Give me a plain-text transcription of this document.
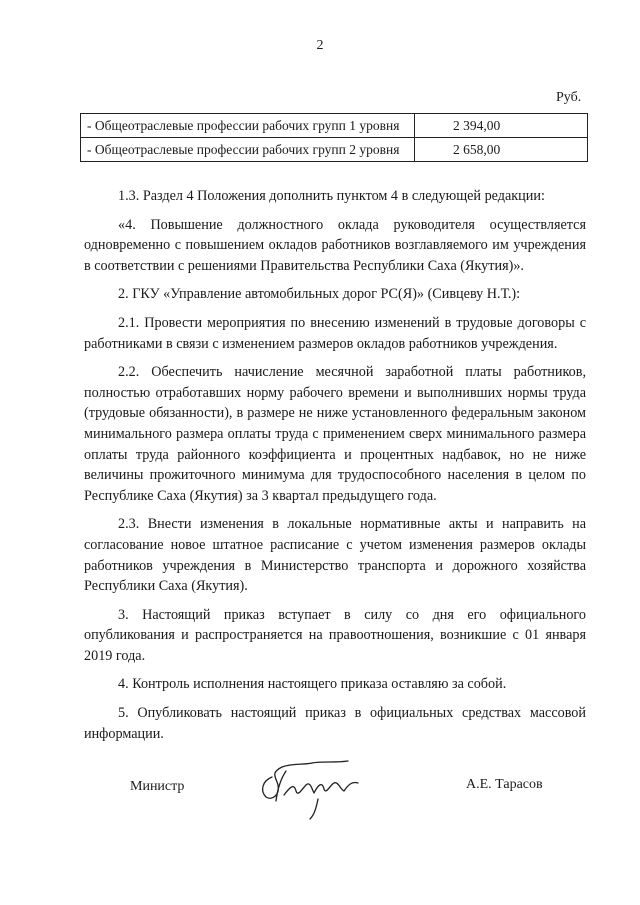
2
Руб.
- Общеотраслевые профессии рабочих групп 1 уровня	2 394,00
- Общеотраслевые профессии рабочих групп 2 уровня	2 658,00

1.3. Раздел 4 Положения дополнить пунктом 4 в следующей редакции:

«4. Повышение должностного оклада руководителя осуществляется одновременно с повышением окладов работников возглавляемого им учреждения в соответствии с решениями Правительства Республики Саха (Якутия)».

2. ГКУ «Управление автомобильных дорог РС(Я)» (Сивцеву Н.Т.):

2.1. Провести мероприятия по внесению изменений в трудовые договоры с работниками в связи с изменением размеров окладов работников учреждения.

2.2. Обеспечить начисление месячной заработной платы работников, полностью отработавших норму рабочего времени и выполнивших нормы труда (трудовые обязанности), в размере не ниже установленного федеральным законом минимального размера оплаты труда с применением сверх минимального размера оплаты труда районного коэффициента и процентных надбавок, но не ниже величины прожиточного минимума для трудоспособного населения в целом по Республике Саха (Якутия) за 3 квартал предыдущего года.

2.3. Внести изменения в локальные нормативные акты и направить на согласование новое штатное расписание с учетом изменения размеров оклады работников учреждения в Министерство транспорта и дорожного хозяйства Республики Саха (Якутия).

3. Настоящий приказ вступает в силу со дня его официального опубликования и распространяется на правоотношения, возникшие с 01 января 2019 года.

4. Контроль исполнения настоящего приказа оставляю за собой.

5. Опубликовать настоящий приказ в официальных средствах массовой информации.

Министр	А.Е. Тарасов
